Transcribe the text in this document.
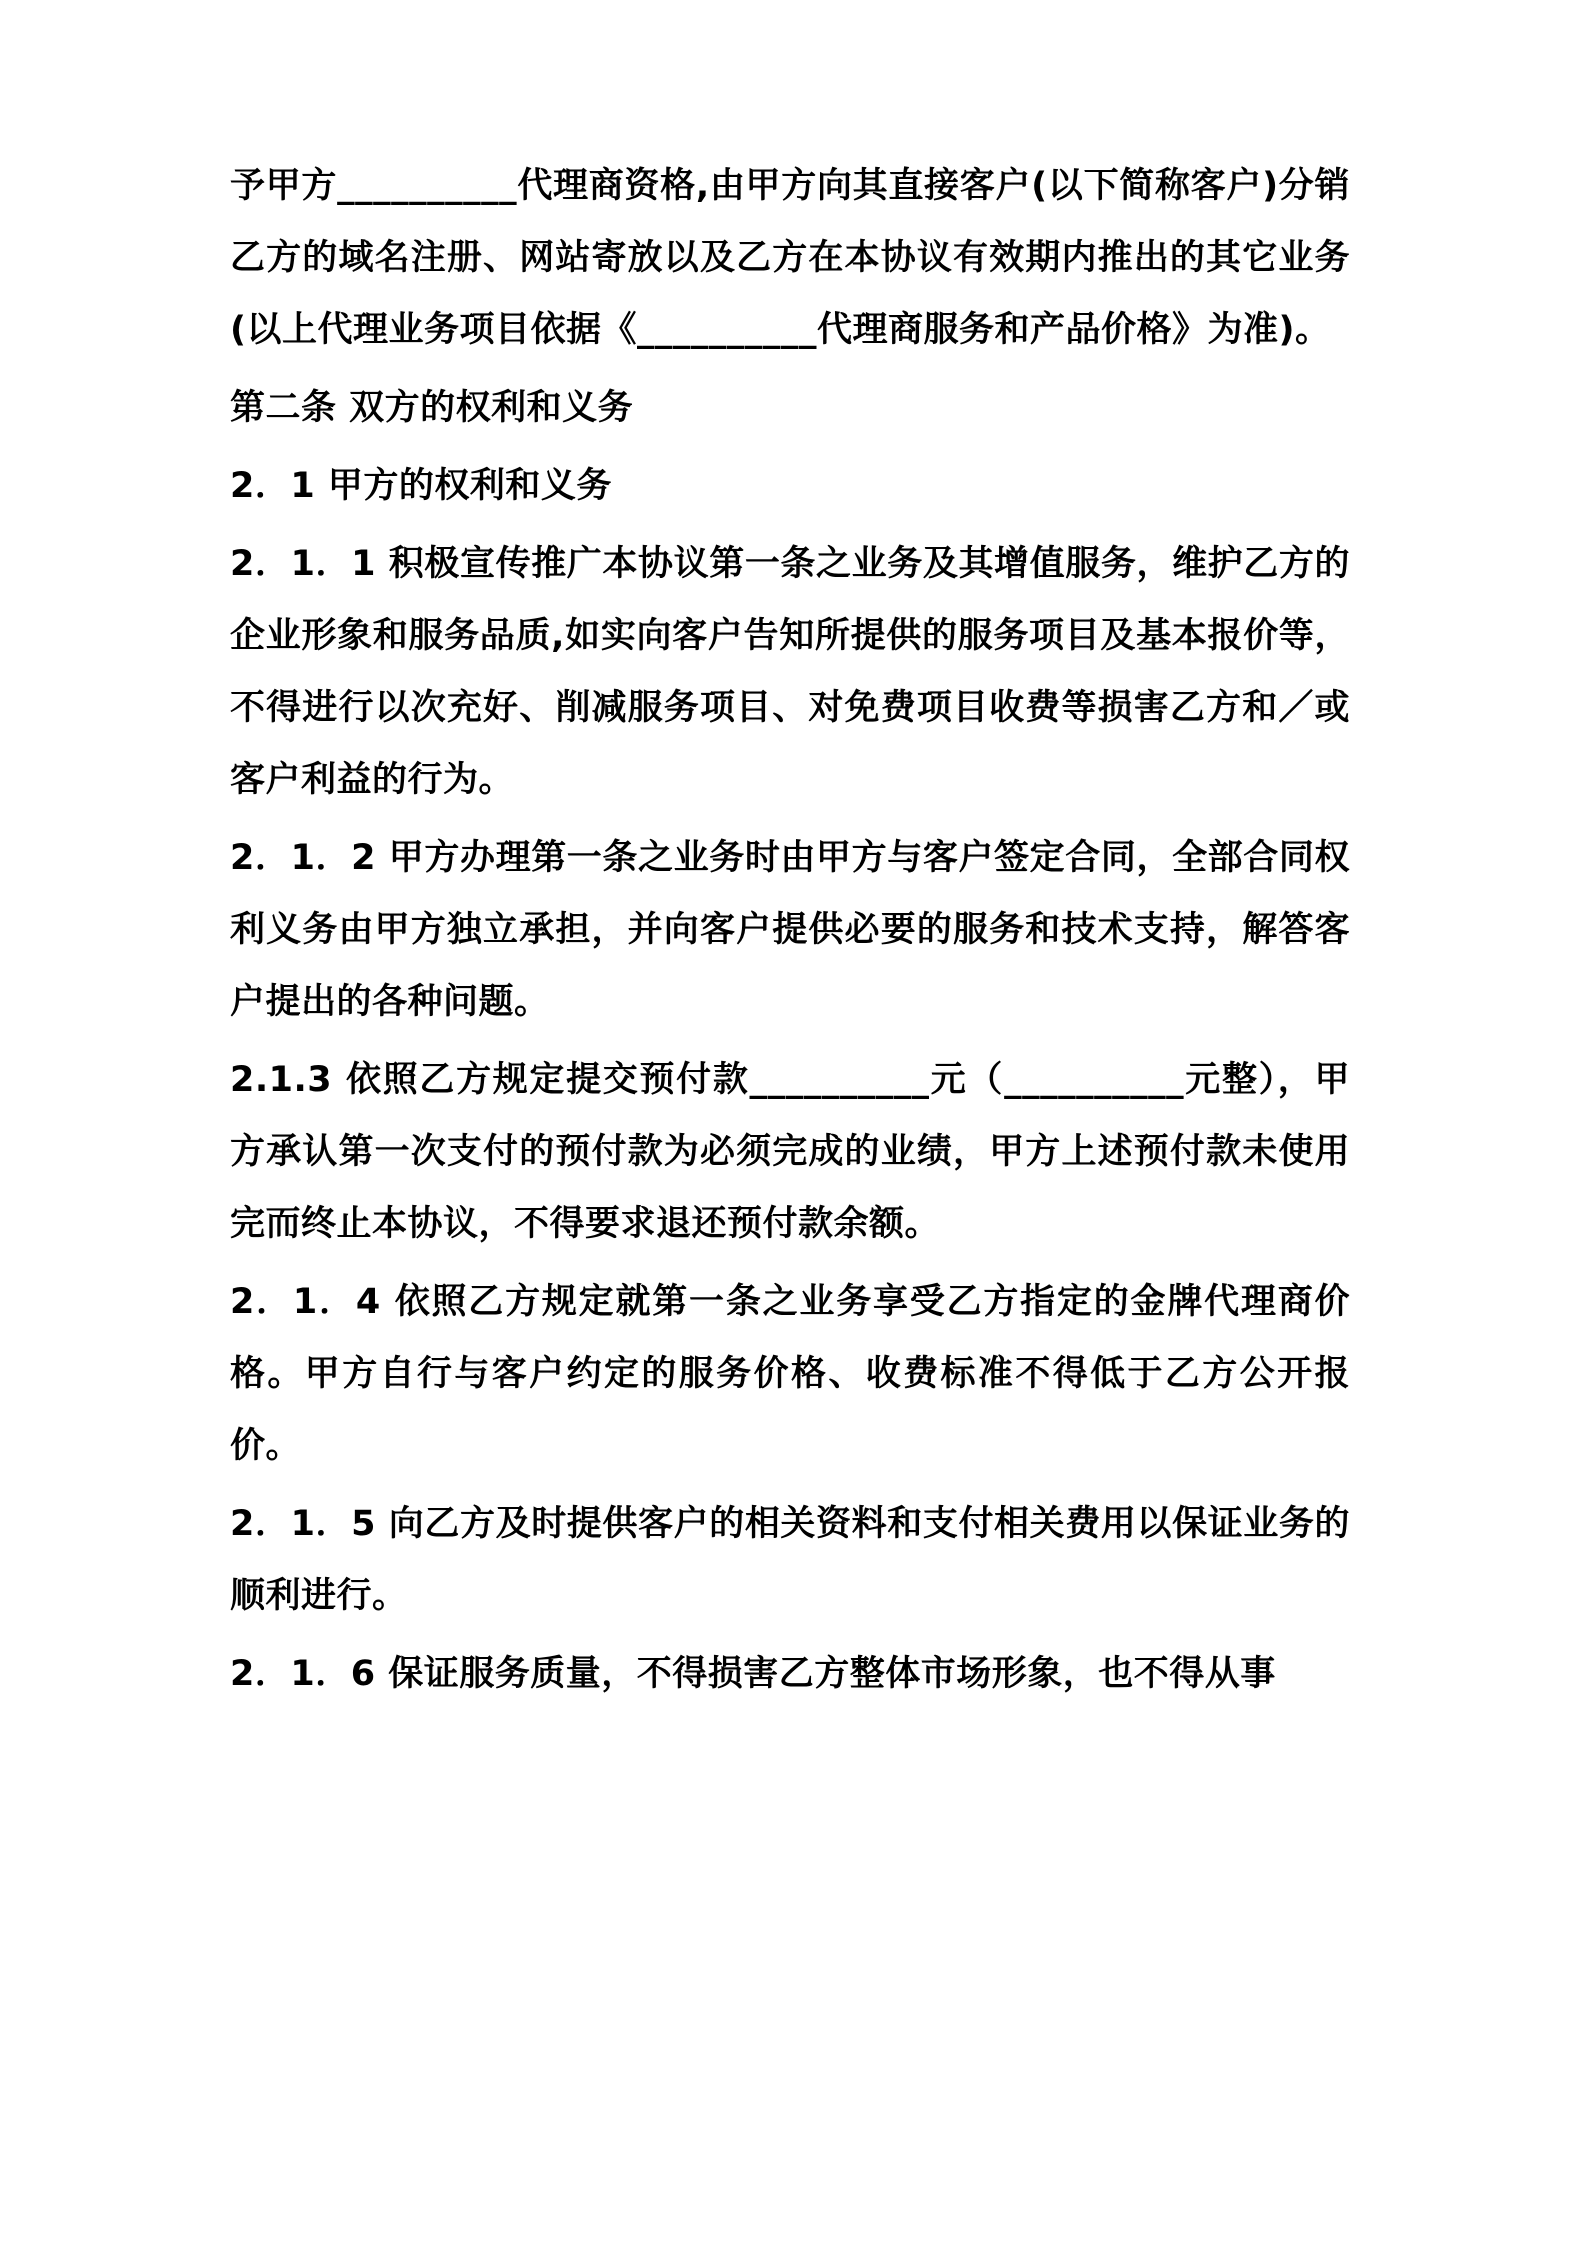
予甲方__________代理商资格,由甲方向其直接客户(以下简称客户)分销乙方的域名注册、网站寄放以及乙方在本协议有效期内推出的其它业务(以上代理业务项目依据《__________代理商服务和产品价格》为准)。

第二条 双方的权利和义务

2．1 甲方的权利和义务

2．1．1 积极宣传推广本协议第一条之业务及其增值服务，维护乙方的企业形象和服务品质,如实向客户告知所提供的服务项目及基本报价等，不得进行以次充好、削减服务项目、对免费项目收费等损害乙方和／或客户利益的行为。

2．1．2 甲方办理第一条之业务时由甲方与客户签定合同，全部合同权利义务由甲方独立承担，并向客户提供必要的服务和技术支持，解答客户提出的各种问题。

2.1.3 依照乙方规定提交预付款__________元（__________元整），甲方承认第一次支付的预付款为必须完成的业绩，甲方上述预付款未使用完而终止本协议，不得要求退还预付款余额。

2．1．4 依照乙方规定就第一条之业务享受乙方指定的金牌代理商价格。甲方自行与客户约定的服务价格、收费标准不得低于乙方公开报价。

2．1．5 向乙方及时提供客户的相关资料和支付相关费用以保证业务的顺利进行。

2．1．6 保证服务质量，不得损害乙方整体市场形象，也不得从事
